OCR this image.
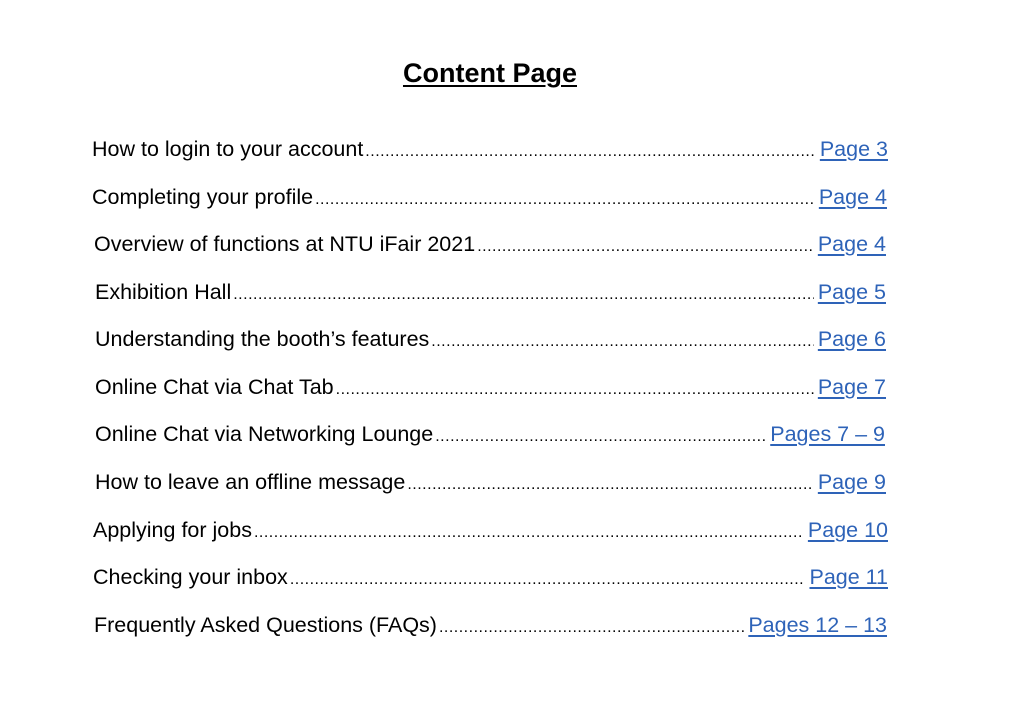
Content Page
How to login to your account .....	Page 3
Completing your profile .....	Page 4
Overview of functions at NTU iFair 2021 .....	Page 4
Exhibition Hall .....	Page 5
Understanding the booth’s features .....	Page 6
Online Chat via Chat Tab .....	Page 7
Online Chat via Networking Lounge .....	Pages 7 – 9
How to leave an offline message .....	Page 9
Applying for jobs .....	Page 10
Checking your inbox .....	Page 11
Frequently Asked Questions (FAQs) .....	Pages 12 – 13
